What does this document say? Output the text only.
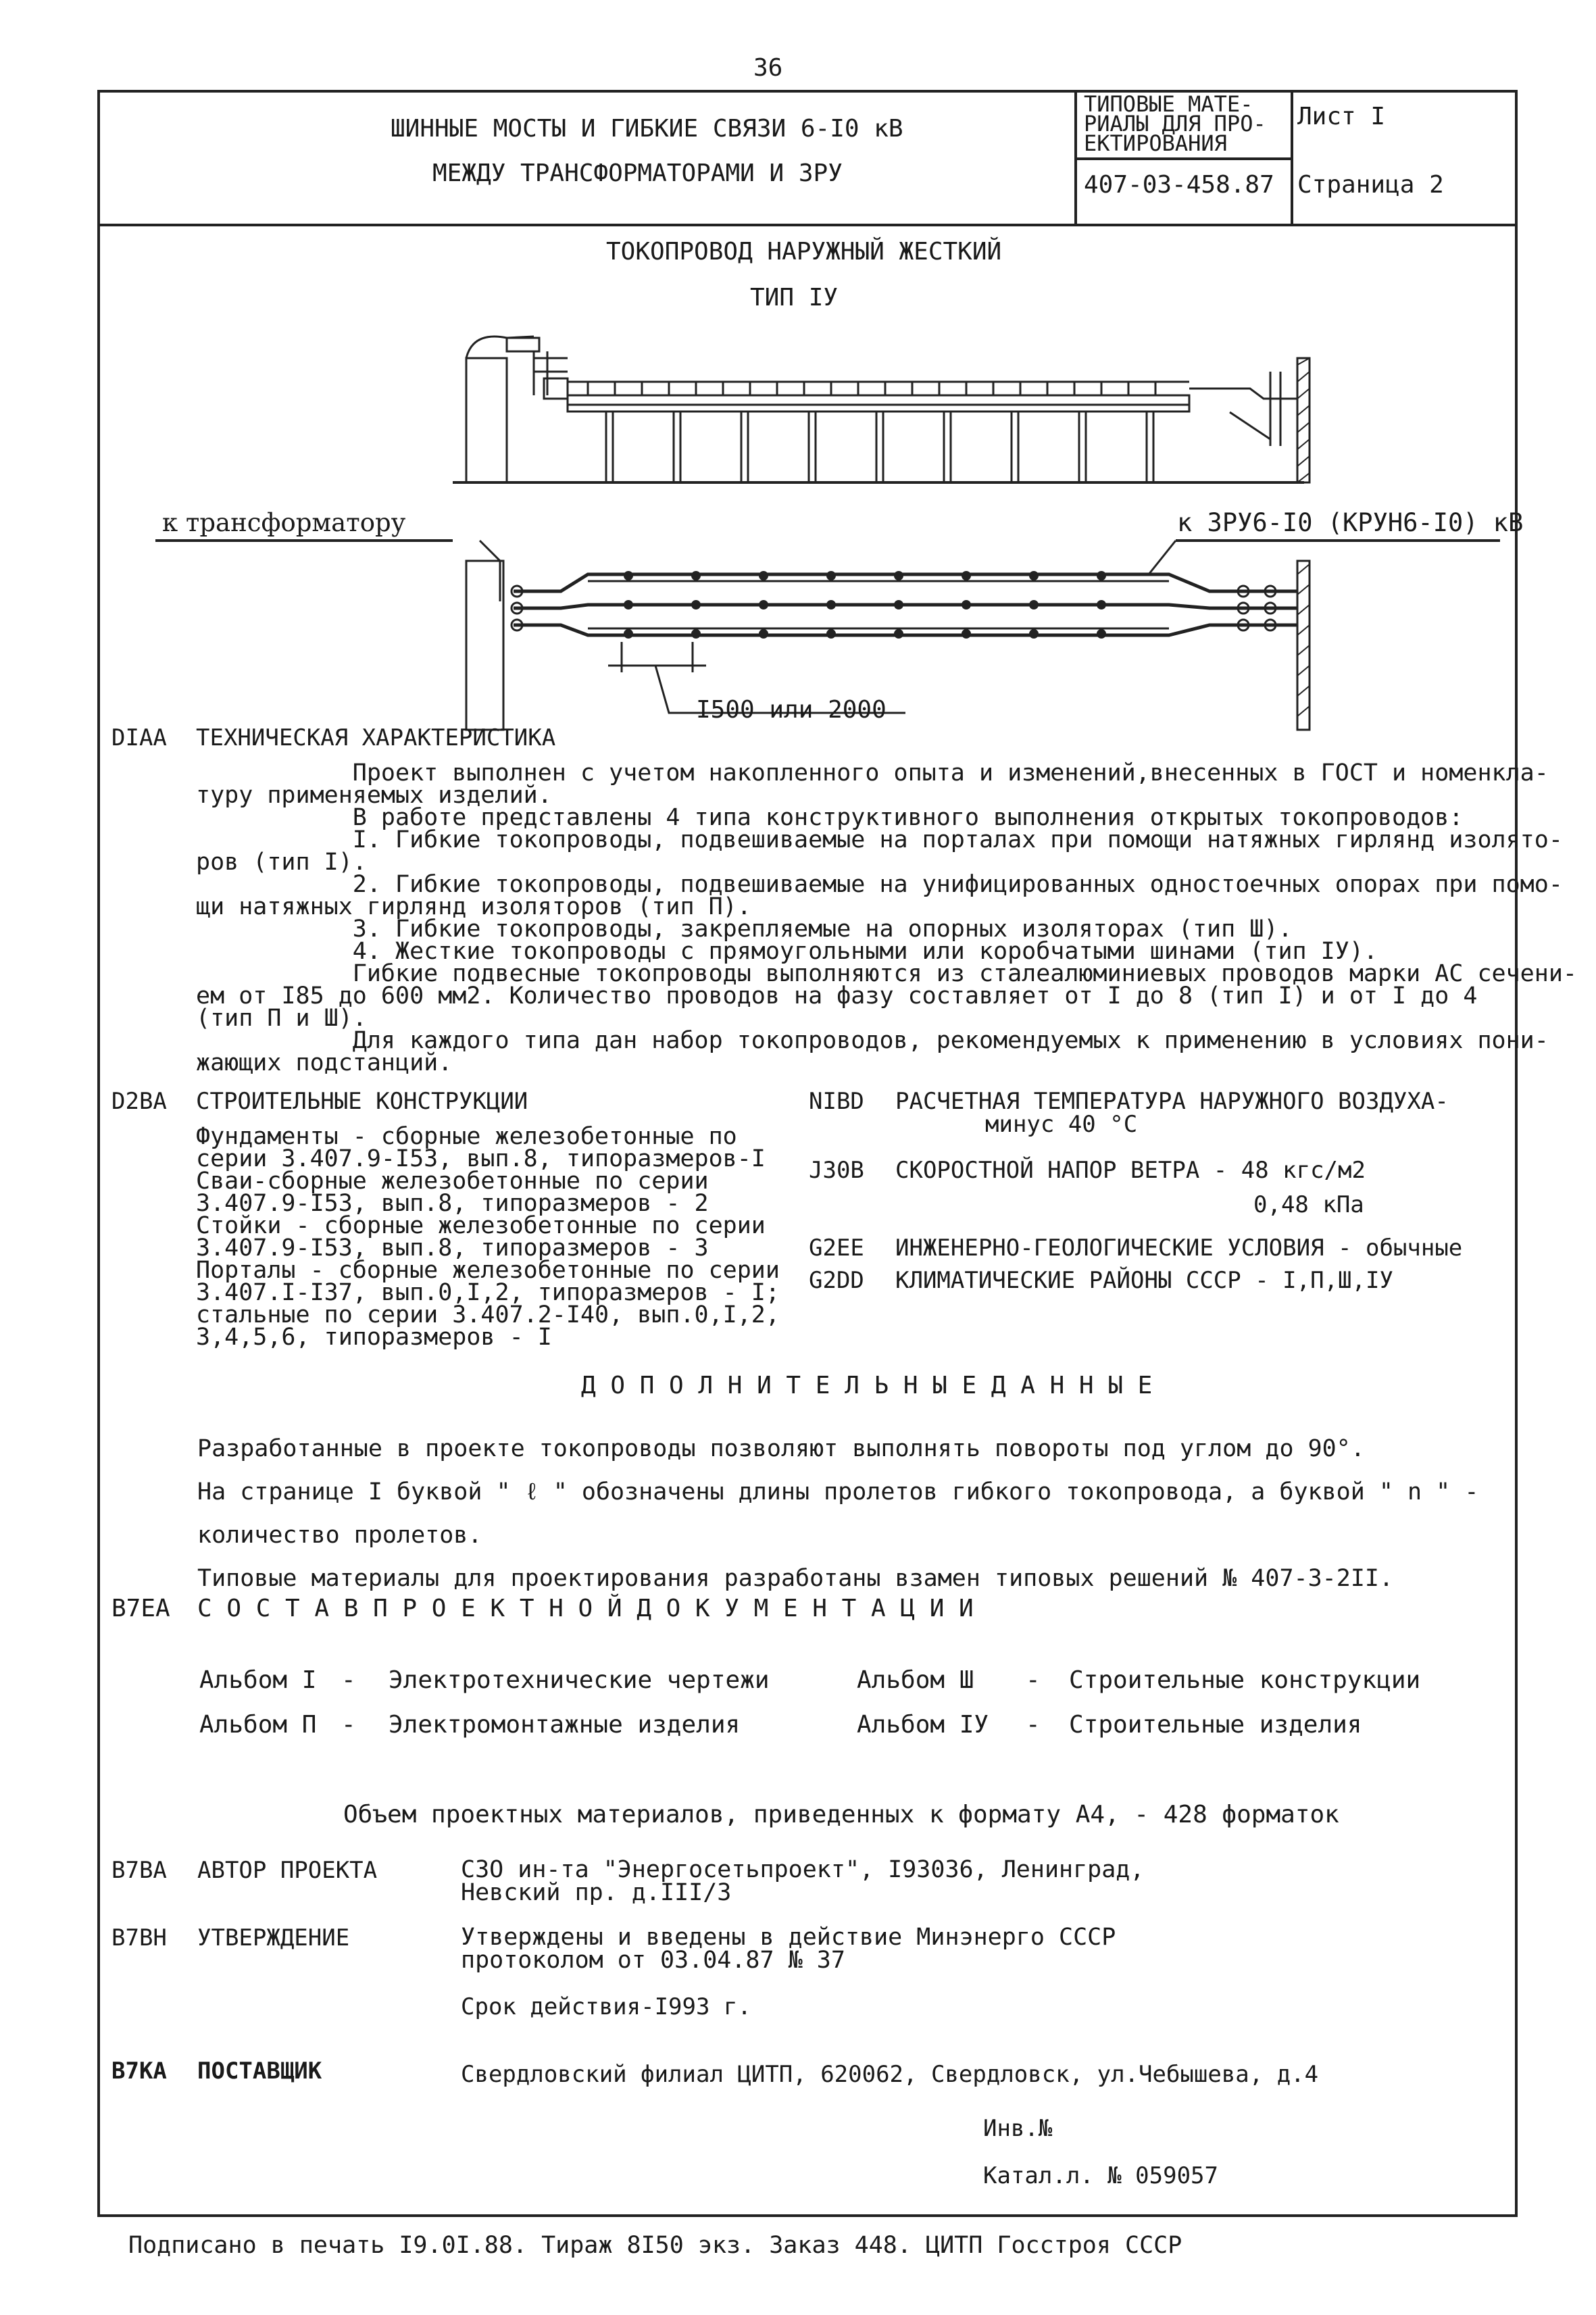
36
ШИННЫЕ МОСТЫ И ГИБКИЕ СВЯЗИ 6-I0 кВ
МЕЖДУ ТРАНСФОРМАТОРАМИ И ЗРУ
ТИПОВЫЕ МАТЕ-
РИАЛЫ ДЛЯ ПРО-
ЕКТИРОВАНИЯ
407-03-458.87
Лист I
Страница 2
ТОКОПРОВОД НАРУЖНЫЙ ЖЕСТКИЙ
ТИП IУ
к трансформатору	к ЗРУ6-I0 (КРУН6-I0) кВ
I500 или 2000
DIAA ТЕХНИЧЕСКАЯ ХАРАКТЕРИСТИКА
Проект выполнен с учетом накопленного опыта и изменений,внесенных в ГОСТ и номенкла-
туру применяемых изделий.
В работе представлены 4 типа конструктивного выполнения открытых токопроводов:
I. Гибкие токопроводы, подвешиваемые на порталах при помощи натяжных гирлянд изолято-
ров (тип I).
2. Гибкие токопроводы, подвешиваемые на унифицированных одностоечных опорах при помо-
щи натяжных гирлянд изоляторов (тип П).
3. Гибкие токопроводы, закрепляемые на опорных изоляторах (тип Ш).
4. Жесткие токопроводы с прямоугольными или коробчатыми шинами (тип IУ).
Гибкие подвесные токопроводы выполняются из сталеалюминиевых проводов марки АС сечени-
ем от I85 до 600 мм2. Количество проводов на фазу составляет от I до 8 (тип I) и от I до 4
(тип П и Ш).
Для каждого типа дан набор токопроводов, рекомендуемых к применению в условиях пони-
жающих подстанций.
D2BA СТРОИТЕЛЬНЫЕ КОНСТРУКЦИИ
Фундаменты - сборные железобетонные по
серии 3.407.9-I53, вып.8, типоразмеров-I
Сваи-сборные железобетонные по серии
3.407.9-I53, вып.8, типоразмеров - 2
Стойки - сборные железобетонные по серии
3.407.9-I53, вып.8, типоразмеров - 3
Порталы - сборные железобетонные по серии
3.407.I-I37, вып.0,I,2, типоразмеров - I;
стальные по серии 3.407.2-I40, вып.0,I,2,
3,4,5,6, типоразмеров - I
NIBD РАСЧЕТНАЯ ТЕМПЕРАТУРА НАРУЖНОГО ВОЗДУХА-
минус 40 °С
J30B СКОРОСТНОЙ НАПОР ВЕТРА - 48 кгс/м2
0,48 кПа
G2EE ИНЖЕНЕРНО-ГЕОЛОГИЧЕСКИЕ УСЛОВИЯ - обычные
G2DD КЛИМАТИЧЕСКИЕ РАЙОНЫ СССР - I,П,Ш,IУ
Д О П О Л Н И Т Е Л Ь Н Ы Е Д А Н Н Ы Е
Разработанные в проекте токопроводы позволяют выполнять повороты под углом до 90°.
На странице I буквой " ℓ " обозначены длины пролетов гибкого токопровода, а буквой " n " -
количество пролетов.
Типовые материалы для проектирования разработаны взамен типовых решений № 407-3-2II.
B7EA С О С Т А В П Р О Е К Т Н О Й Д О К У М Е Н Т А Ц И И
Альбом I - Электротехнические чертежи	Альбом Ш - Строительные конструкции
Альбом П - Электромонтажные изделия	Альбом IУ - Строительные изделия
Объем проектных материалов, приведенных к формату А4, - 428 форматок
B7BA АВТОР ПРОЕКТА	СЗО ин-та "Энергосетьпроект", I93036, Ленинград,
Невский пр. д.III/3
B7BH УТВЕРЖДЕНИЕ	Утверждены и введены в действие Минэнерго СССР
протоколом от 03.04.87 № 37
Срок действия-I993 г.
B7KA ПОСТАВЩИК	Свердловский филиал ЦИТП, 620062, Свердловск, ул.Чебышева, д.4
Инв.№
Катал.л. № 059057
Подписано в печать I9.0I.88. Тираж 8I50 экз. Заказ 448. ЦИТП Госстроя СССР
